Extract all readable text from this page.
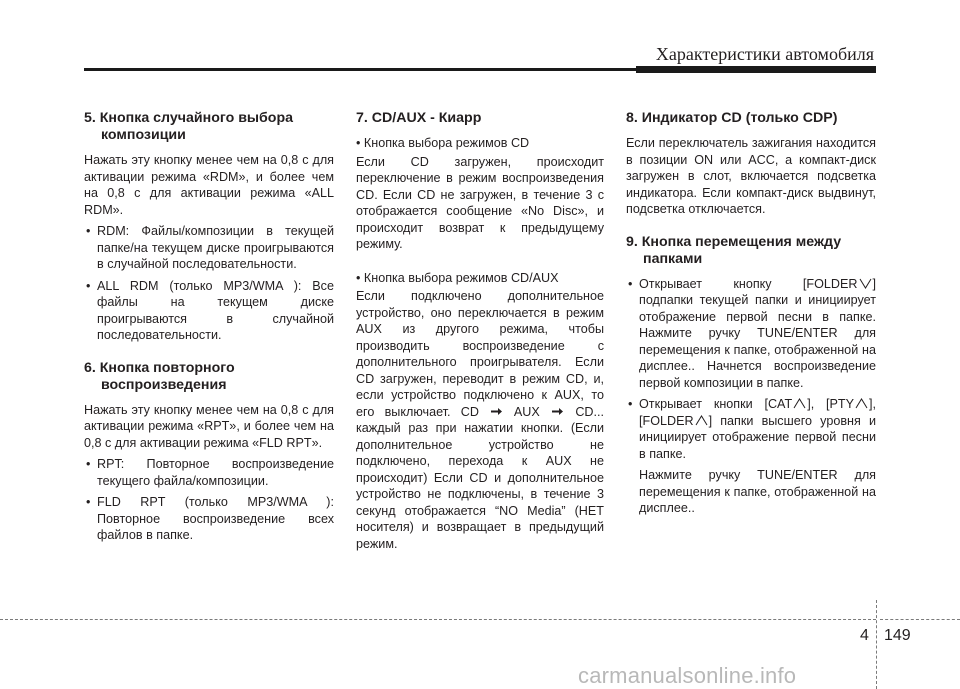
Характеристики автомобиля
5. Кнопка случайного выбора
композиции

Нажать эту кнопку менее чем на 0,8 с для активации режима «RDM», и более чем на 0,8 с для активации режима «ALL RDM».

• RDM: Файлы/композиции в текущей папке/на текущем диске проигрываются в случайной последовательности.
• ALL RDM (только MP3/WMA ): Все файлы на текущем диске проигрываются в случайной последовательности.
6. Кнопка повторного
воспроизведения

Нажать эту кнопку менее чем на 0,8 с для активации режима «RPT», и более чем на 0,8 с для активации режима «FLD RPT».

• RPT: Повторное воспроизведение текущего файла/композиции.
• FLD RPT (только MP3/WMA ): Повторное воспроизведение всех файлов в папке.
7. CD/AUX - Киарр
• Кнопка выбора режимов CD

Если CD загружен, происходит переключение в режим воспроизведения CD. Если CD не загружен, в течение 3 с отображается сообщение «No Disc», и происходит возврат к предыдущему режиму.

• Кнопка выбора режимов CD/AUX

Если подключено дополнительное устройство, оно переключается в режим AUX из другого режима, чтобы производить воспроизведение с дополнительного проигрывателя. Если CD загружен, переводит в режим CD, и, если устройство подключено к AUX, то его выключает. CD	AUX	CD... каждый раз при нажатии кнопки. (Если дополнительное устройство не подключено, перехода к AUX не происходит) Если CD и дополнительное устройство не подключены, в течение 3 секунд отображается “NO Media” (НЕТ носителя) и возвращает в предыдущий режим.

8. Индикатор CD (только CDP)

Если переключатель зажигания находится в позиции ON или ACC, а компакт-диск загружен в слот, включается подсветка индикатора. Если компакт-диск выдвинут, подсветка отключается.

9. Кнопка перемещения между
папками
• Открывает кнопку [FOLDER ] подпапки текущей папки и инициирует отображение первой песни в папке. Нажмите ручку TUNE/ENTER для перемещения к папке, отображенной на дисплее.. Начнется воспроизведение первой композиции в папке.
• Открывает кнопки [CAT ], [PTY ], [FOLDER ] папки высшего уровня и инициирует отображение первой песни в папке.

Нажмите ручку TUNE/ENTER для перемещения к папке, отображенной на дисплее..

4 149
carmanualsonline.info
